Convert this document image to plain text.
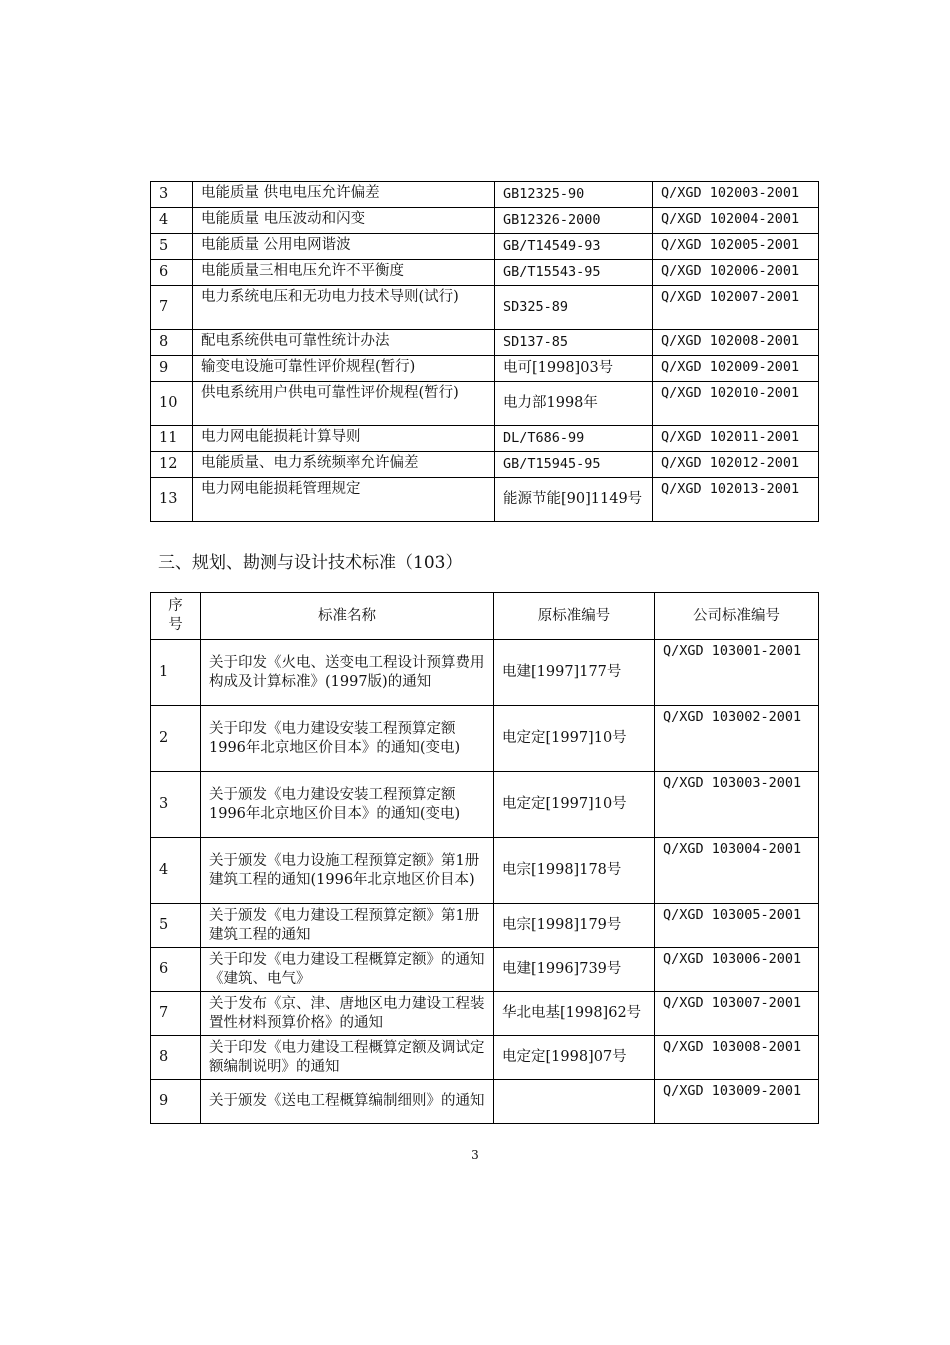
3	电能质量 供电电压允许偏差	GB12325-90	Q/XGD 102003-2001
4	电能质量 电压波动和闪变	GB12326-2000	Q/XGD 102004-2001
5	电能质量 公用电网谐波	GB/T14549-93	Q/XGD 102005-2001
6	电能质量三相电压允许不平衡度	GB/T15543-95	Q/XGD 102006-2001
7	电力系统电压和无功电力技术导则(试行)	SD325-89	Q/XGD 102007-2001
8	配电系统供电可靠性统计办法	SD137-85	Q/XGD 102008-2001
9	输变电设施可靠性评价规程(暂行)	电可[1998]03号	Q/XGD 102009-2001
10	供电系统用户供电可靠性评价规程(暂行)	电力部1998年	Q/XGD 102010-2001
11	电力网电能损耗计算导则	DL/T686-99	Q/XGD 102011-2001
12	电能质量、电力系统频率允许偏差	GB/T15945-95	Q/XGD 102012-2001
13	电力网电能损耗管理规定	能源节能[90]1149号	Q/XGD 102013-2001
三、规划、勘测与设计技术标准（103）
序号	标准名称	原标准编号	公司标准编号
1	关于印发《火电、送变电工程设计预算费用构成及计算标准》(1997版)的通知	电建[1997]177号	Q/XGD 103001-2001
2	关于印发《电力建设安装工程预算定额1996年北京地区价目本》的通知(变电)	电定定[1997]10号	Q/XGD 103002-2001
3	关于颁发《电力建设安装工程预算定额1996年北京地区价目本》的通知(变电)	电定定[1997]10号	Q/XGD 103003-2001
4	关于颁发《电力设施工程预算定额》第1册 建筑工程的通知(1996年北京地区价目本)	电宗[1998]178号	Q/XGD 103004-2001
5	关于颁发《电力建设工程预算定额》第1册 建筑工程的通知	电宗[1998]179号	Q/XGD 103005-2001
6	关于印发《电力建设工程概算定额》的通知《建筑、电气》	电建[1996]739号	Q/XGD 103006-2001
7	关于发布《京、津、唐地区电力建设工程装置性材料预算价格》的通知	华北电基[1998]62号	Q/XGD 103007-2001
8	关于印发《电力建设工程概算定额及调试定额编制说明》的通知	电定定[1998]07号	Q/XGD 103008-2001
9	关于颁发《送电工程概算编制细则》的通知		Q/XGD 103009-2001
3
